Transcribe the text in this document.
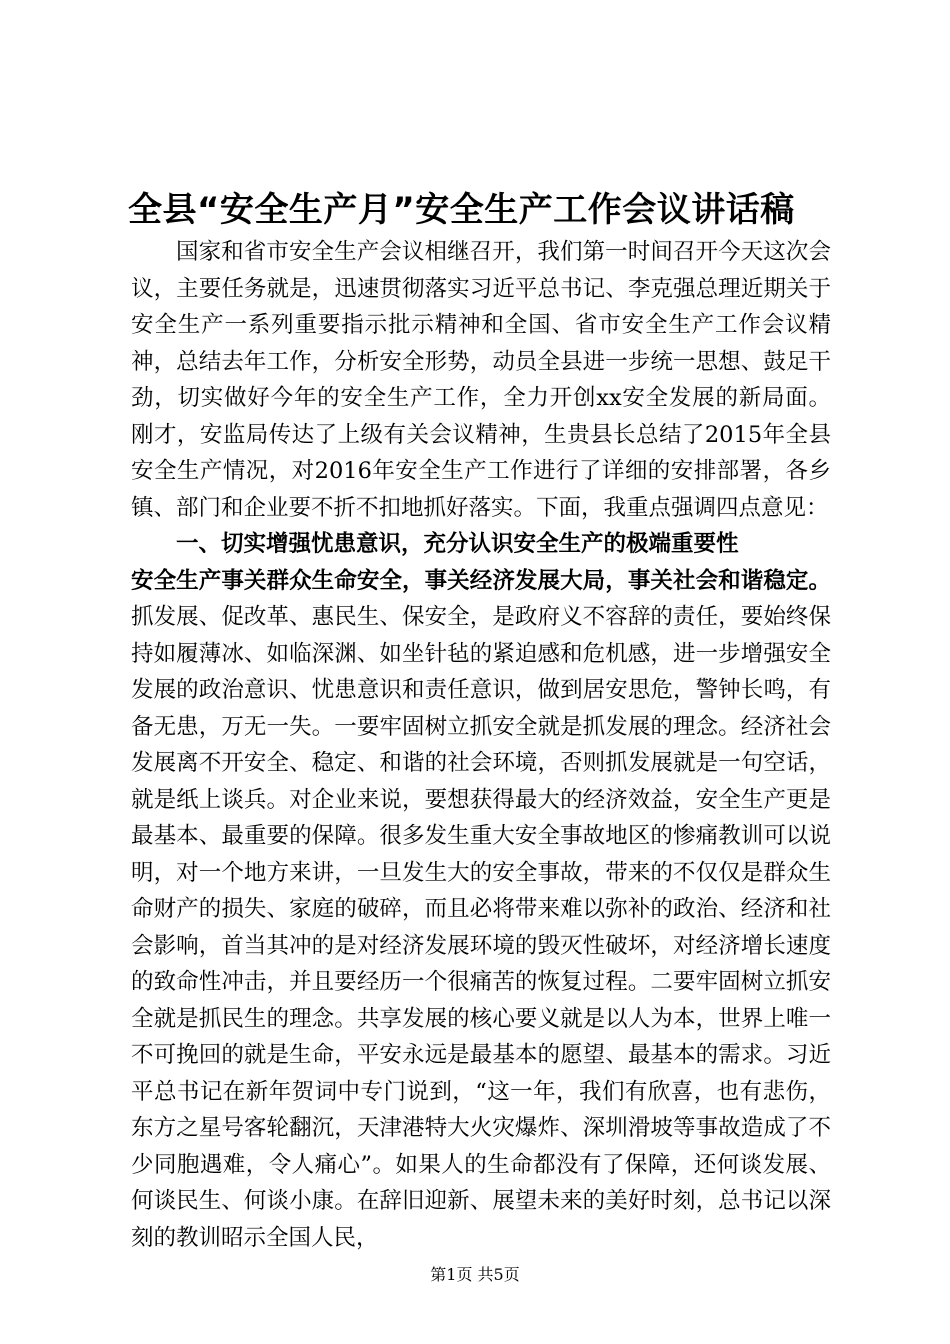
全县“安全生产月”安全生产工作会议讲话稿

国家和省市安全生产会议相继召开，我们第一时间召开今天这次会议，主要任务就是，迅速贯彻落实习近平总书记、李克强总理近期关于安全生产一系列重要指示批示精神和全国、省市安全生产工作会议精神，总结去年工作，分析安全形势，动员全县进一步统一思想、鼓足干劲，切实做好今年的安全生产工作，全力开创xx安全发展的新局面。刚才，安监局传达了上级有关会议精神，生贵县长总结了2015年全县安全生产情况，对2016年安全生产工作进行了详细的安排部署，各乡镇、部门和企业要不折不扣地抓好落实。下面，我重点强调四点意见：

一、切实增强忧患意识，充分认识安全生产的极端重要性

安全生产事关群众生命安全，事关经济发展大局，事关社会和谐稳定。抓发展、促改革、惠民生、保安全，是政府义不容辞的责任，要始终保持如履薄冰、如临深渊、如坐针毡的紧迫感和危机感，进一步增强安全发展的政治意识、忧患意识和责任意识，做到居安思危，警钟长鸣，有备无患，万无一失。一要牢固树立抓安全就是抓发展的理念。经济社会发展离不开安全、稳定、和谐的社会环境，否则抓发展就是一句空话，就是纸上谈兵。对企业来说，要想获得最大的经济效益，安全生产更是最基本、最重要的保障。很多发生重大安全事故地区的惨痛教训可以说明，对一个地方来讲，一旦发生大的安全事故，带来的不仅仅是群众生命财产的损失、家庭的破碎，而且必将带来难以弥补的政治、经济和社会影响，首当其冲的是对经济发展环境的毁灭性破坏，对经济增长速度的致命性冲击，并且要经历一个很痛苦的恢复过程。二要牢固树立抓安全就是抓民生的理念。共享发展的核心要义就是以人为本，世界上唯一不可挽回的就是生命，平安永远是最基本的愿望、最基本的需求。习近平总书记在新年贺词中专门说到，“这一年，我们有欣喜，也有悲伤，东方之星号客轮翻沉，天津港特大火灾爆炸、深圳滑坡等事故造成了不少同胞遇难，令人痛心”。如果人的生命都没有了保障，还何谈发展、何谈民生、何谈小康。在辞旧迎新、展望未来的美好时刻，总书记以深刻的教训昭示全国人民，

第1页 共5页
